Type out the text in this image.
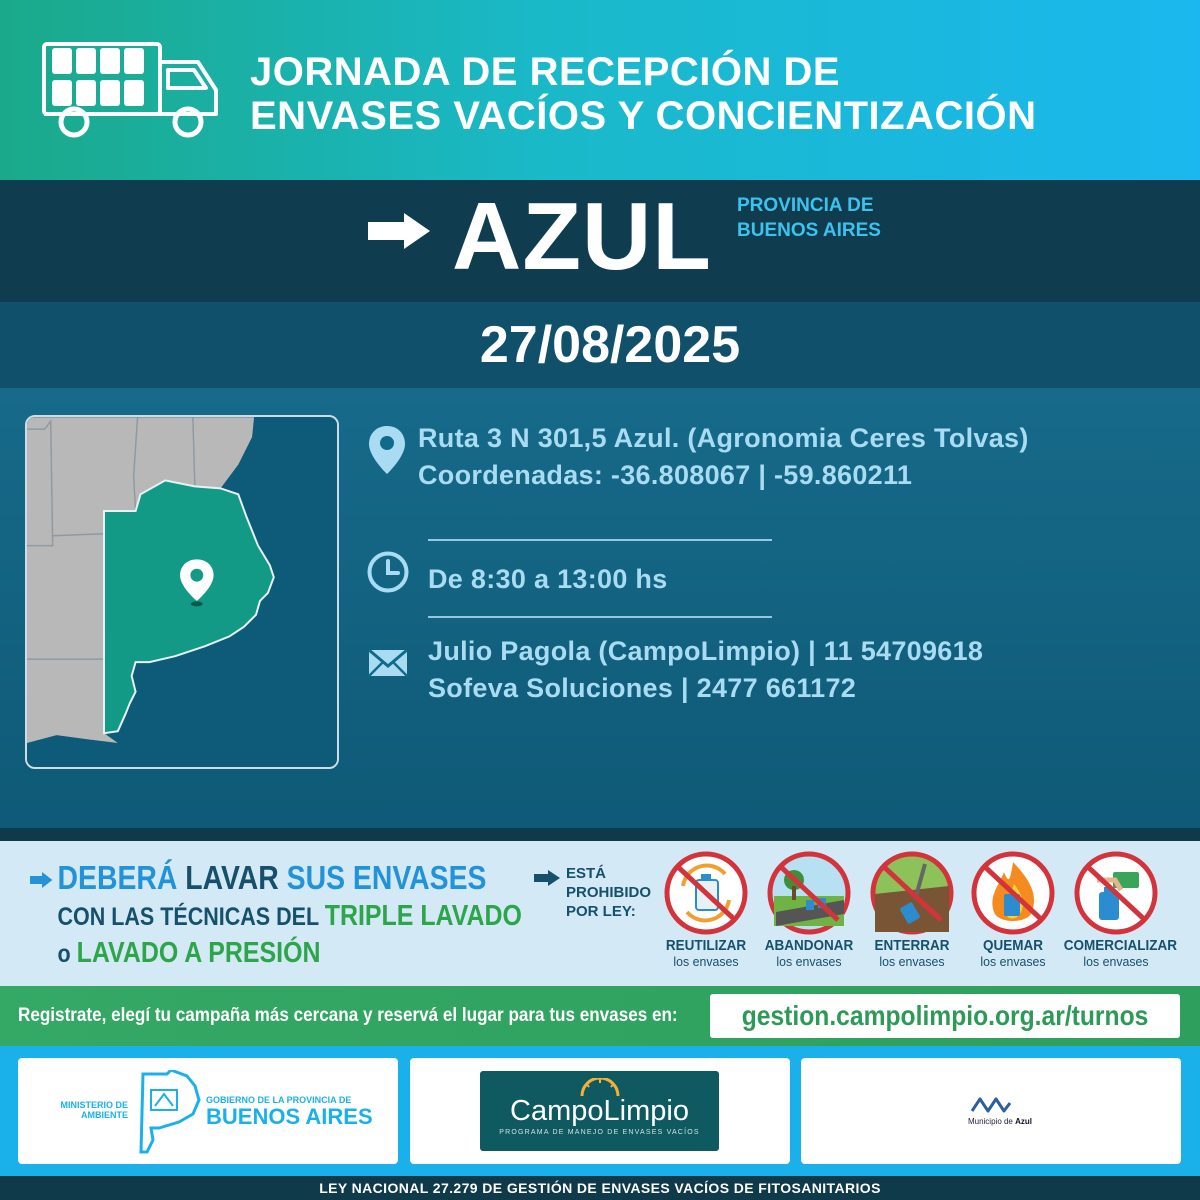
JORNADA DE RECEPCIÓN DE
ENVASES VACÍOS Y CONCIENTIZACIÓN
AZUL PROVINCIA DE
BUENOS AIRES
27/08/2025
Ruta 3 N 301,5 Azul. (Agronomia Ceres Tolvas)
Coordenadas: -36.808067 | -59.860211
De 8:30 a 13:00 hs
Julio Pagola (CampoLimpio) | 11 54709618
Sofeva Soluciones | 2477 661172
DEBERÁ LAVAR SUS ENVASES
CON LAS TÉCNICAS DEL TRIPLE LAVADO
o LAVADO A PRESIÓN
ESTÁ
PROHIBIDO
POR LEY:
REUTILIZAR
los envases
ABANDONAR
los envases
ENTERRAR
los envases
QUEMAR
los envases
COMERCIALIZAR
los envases
Registrate, elegí tu campaña más cercana y reservá el lugar para tus envases en:	gestion.campolimpio.org.ar/turnos
MINISTERIO DE
AMBIENTE
GOBIERNO DE LA PROVINCIA DE
BUENOS AIRES	CampoLimpio
PROGRAMA DE MANEJO DE ENVASES VACÍOS
Municipio de Azul
LEY NACIONAL 27.279 DE GESTIÓN DE ENVASES VACÍOS DE FITOSANITARIOS
